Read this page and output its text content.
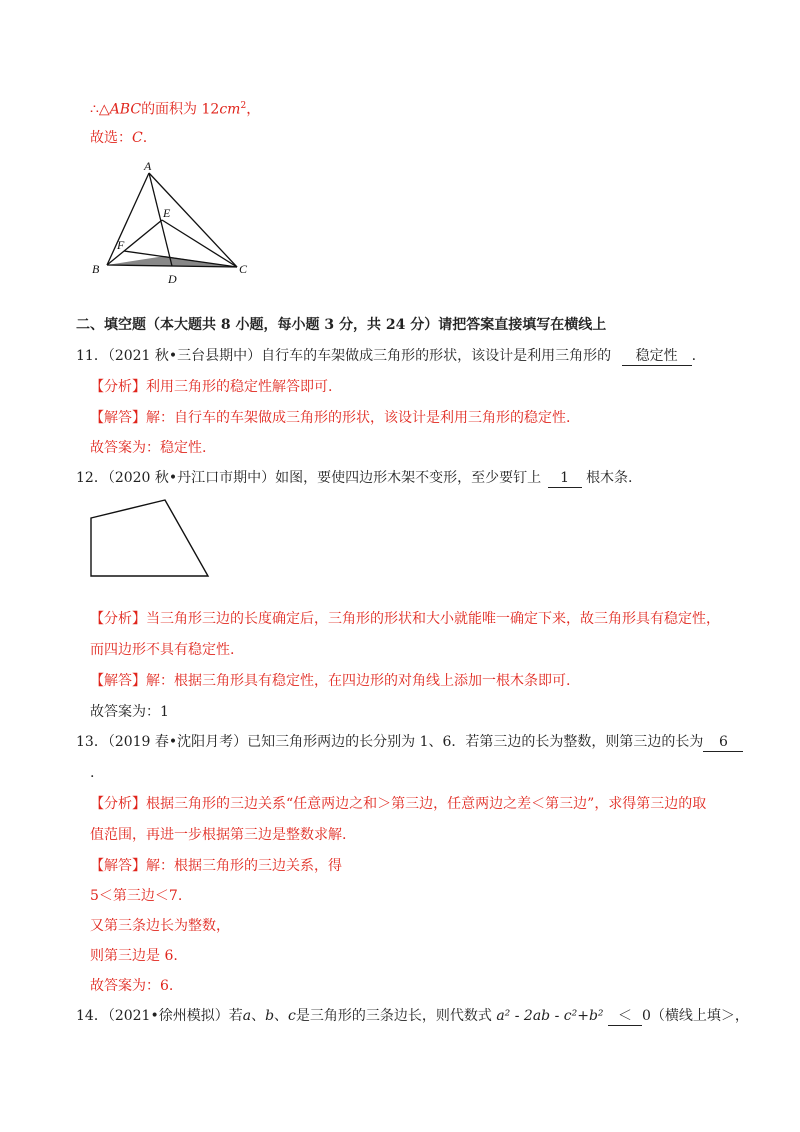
∴△ABC的面积为 $12cm^2$，
故选：C.
A
B	C
D
E
F
二、填空题（本大题共 8 小题，每小题 3 分，共 24 分）请把答案直接填写在横线上
11．（2021 秋•三台县期中）自行车的车架做成三角形的形状，该设计是利用三角形的 稳定性 .
【分析】利用三角形的稳定性解答即可.
【解答】解：自行车的车架做成三角形的形状，该设计是利用三角形的稳定性.
故答案为：稳定性.
12．（2020 秋•丹江口市期中）如图，要使四边形木架不变形，至少要钉上 1 根木条.
【分析】当三角形三边的长度确定后，三角形的形状和大小就能唯一确定下来，故三角形具有稳定性，
而四边形不具有稳定性.
【解答】解：根据三角形具有稳定性，在四边形的对角线上添加一根木条即可.
故答案为：1
13．（2019 春•沈阳月考）已知三角形两边的长分别为 1、6．若第三边的长为整数，则第三边的长为 6
.
【分析】根据三角形的三边关系“任意两边之和＞第三边，任意两边之差＜第三边”，求得第三边的取
值范围，再进一步根据第三边是整数求解.
【解答】解：根据三角形的三边关系，得
5＜第三边＜7.
又第三条边长为整数，
则第三边是 6.
故答案为：6.
14．（2021•徐州模拟）若a、b、c是三角形的三条边长，则代数式 a² - 2ab - c²+b² ＜ 0（横线上填＞，
